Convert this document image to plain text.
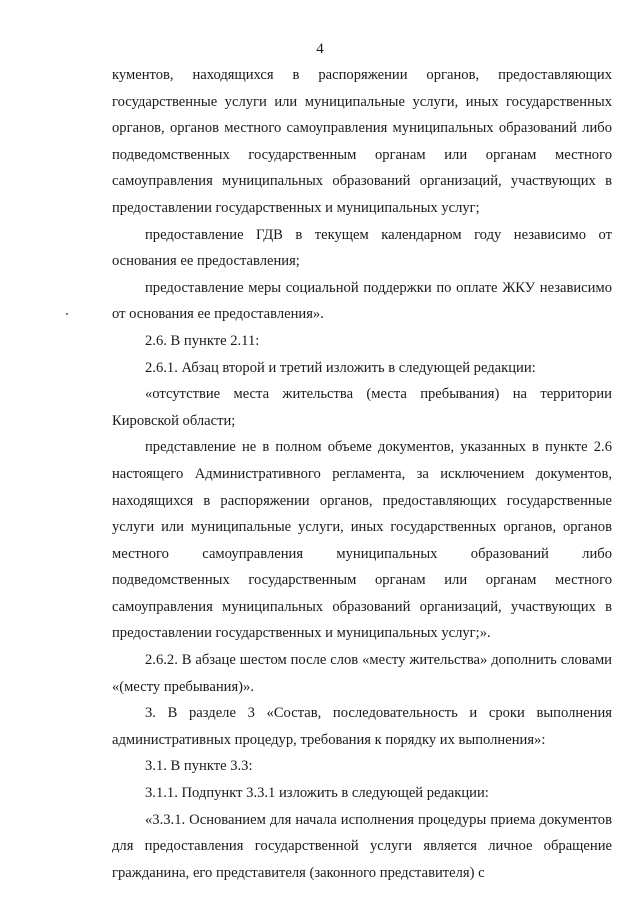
4

кументов, находящихся в распоряжении органов, предоставляющих государственные услуги или муниципальные услуги, иных государственных органов, органов местного самоуправления муниципальных образований либо подведомственных государственным органам или органам местного самоуправления муниципальных образований организаций, участвующих в предоставлении государственных и муниципальных услуг;

предоставление ГДВ в текущем календарном году независимо от основания ее предоставления;

предоставление меры социальной поддержки по оплате ЖКУ независимо от основания ее предоставления».

2.6. В пункте 2.11:

2.6.1. Абзац второй и третий изложить в следующей редакции:

«отсутствие места жительства (места пребывания) на территории Кировской области;

представление не в полном объеме документов, указанных в пункте 2.6 настоящего Административного регламента, за исключением документов, находящихся в распоряжении органов, предоставляющих государственные услуги или муниципальные услуги, иных государственных органов, органов местного самоуправления муниципальных образований либо подведомственных государственным органам или органам местного самоуправления муниципальных образований организаций, участвующих в предоставлении государственных и муниципальных услуг;».

2.6.2. В абзаце шестом после слов «месту жительства» дополнить словами «(месту пребывания)».

3. В разделе 3 «Состав, последовательность и сроки выполнения административных процедур, требования к порядку их выполнения»:

3.1. В пункте 3.3:

3.1.1. Подпункт 3.3.1 изложить в следующей редакции:

«3.3.1. Основанием для начала исполнения процедуры приема документов для предоставления государственной услуги является личное обращение гражданина, его представителя (законного представителя) с
